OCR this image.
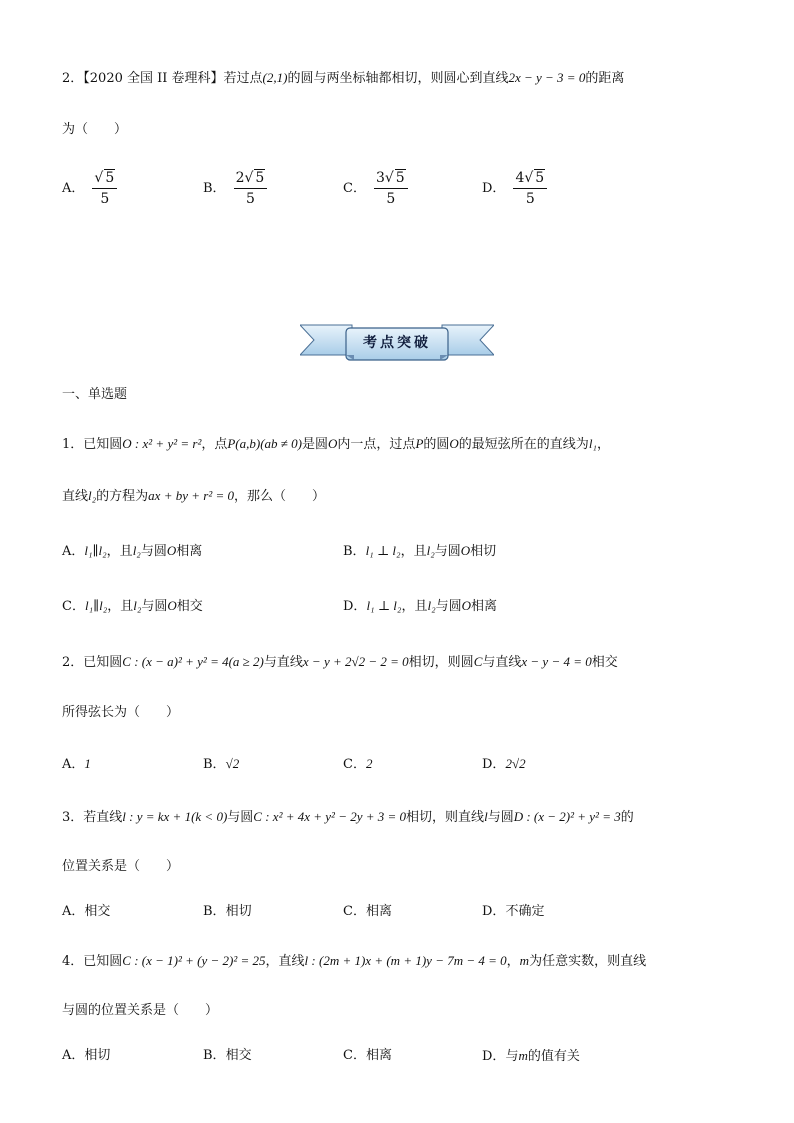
2．【2020 全国 II 卷理科】若过点(2,1)的圆与两坐标轴都相切，则圆心到直线2x − y − 3 = 0的距离
为（　　）
A． $\frac{√ 5}{5}$	B． $\frac{2√ 5}{5}$	C． $\frac{3√ 5}{5}$	D． $\frac{4√ 5}{5}$
考点突破
一、单选题
1．已知圆O : x² + y² = r²，点P(a,b)(ab ≠ 0)是圆O内一点，过点P的圆O的最短弦所在的直线为l₁，
直线l₂的方程为ax + by + r² = 0，那么（　　）
A．l₁∥l₂，且l₂与圆O相离	B．l₁ ⊥ l₂，且l₂与圆O相切
C．l₁∥l₂，且l₂与圆O相交	D．l₁ ⊥ l₂，且l₂与圆O相离
2．已知圆C : (x − a)² + y² = 4(a ≥ 2)与直线x − y + 2√2 − 2 = 0相切，则圆C与直线x − y − 4 = 0相交
所得弦长为（　　）
A．1	B．√2	C．2	D．2√2
3．若直线l : y = kx + 1(k < 0)与圆C : x² + 4x + y² − 2y + 3 = 0相切，则直线l与圆D : (x − 2)² + y² = 3的
位置关系是（　　）
A．相交	B．相切	C．相离	D．不确定
4．已知圆C : (x − 1)² + (y − 2)² = 25，直线l : (2m + 1)x + (m + 1)y − 7m − 4 = 0，m为任意实数，则直线
与圆的位置关系是（　　）
A．相切	B．相交	C．相离	D．与m的值有关
